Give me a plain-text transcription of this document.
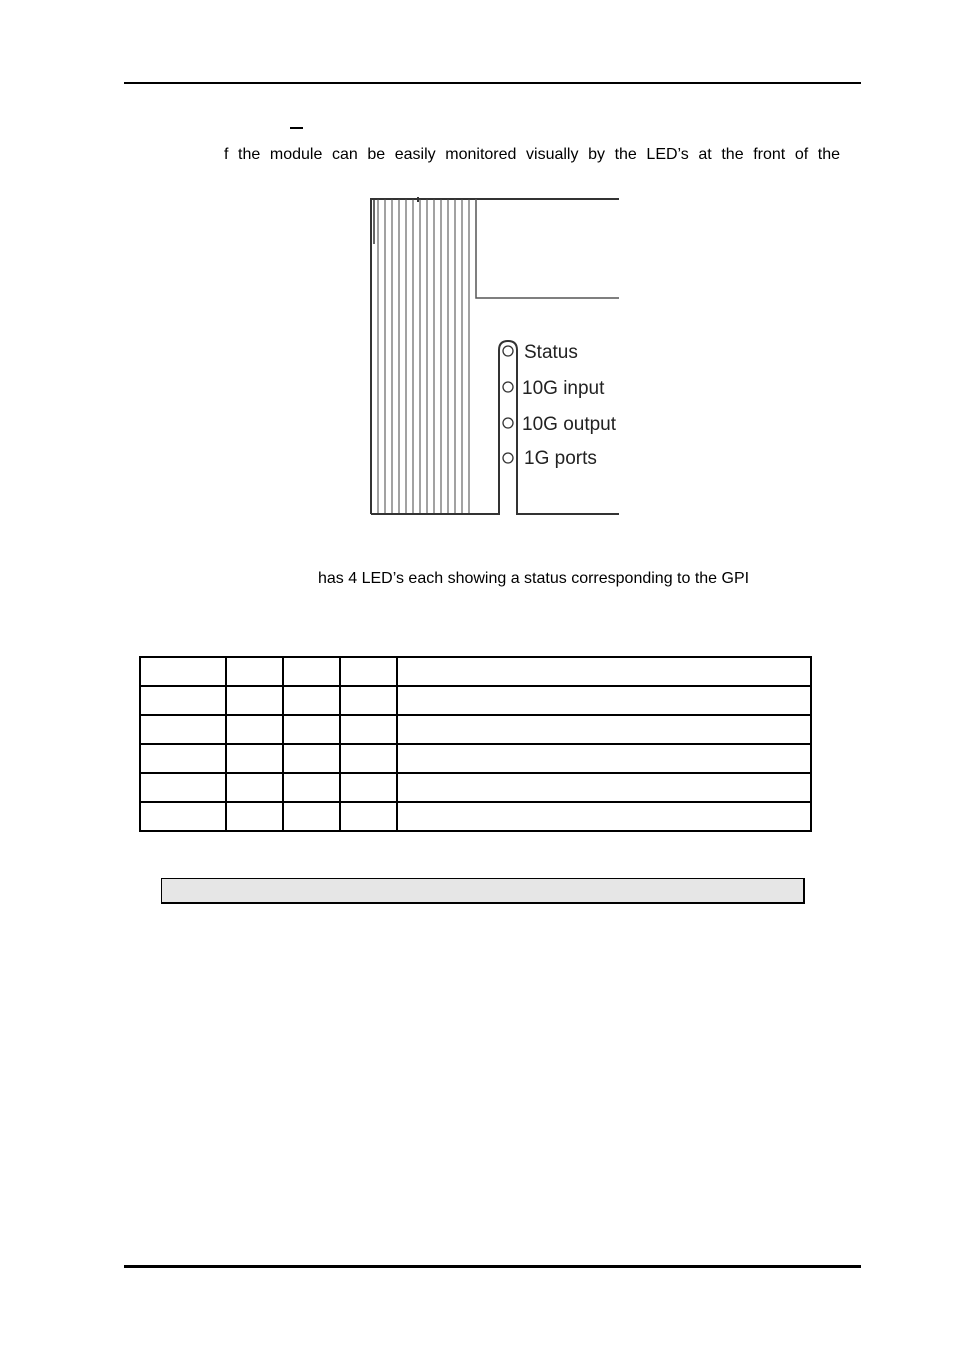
f the module can be easily monitored visually by the LED’s at the front of the
Status
10G input
10G output
1G ports
has 4 LED’s each showing a status corresponding to the GPI
